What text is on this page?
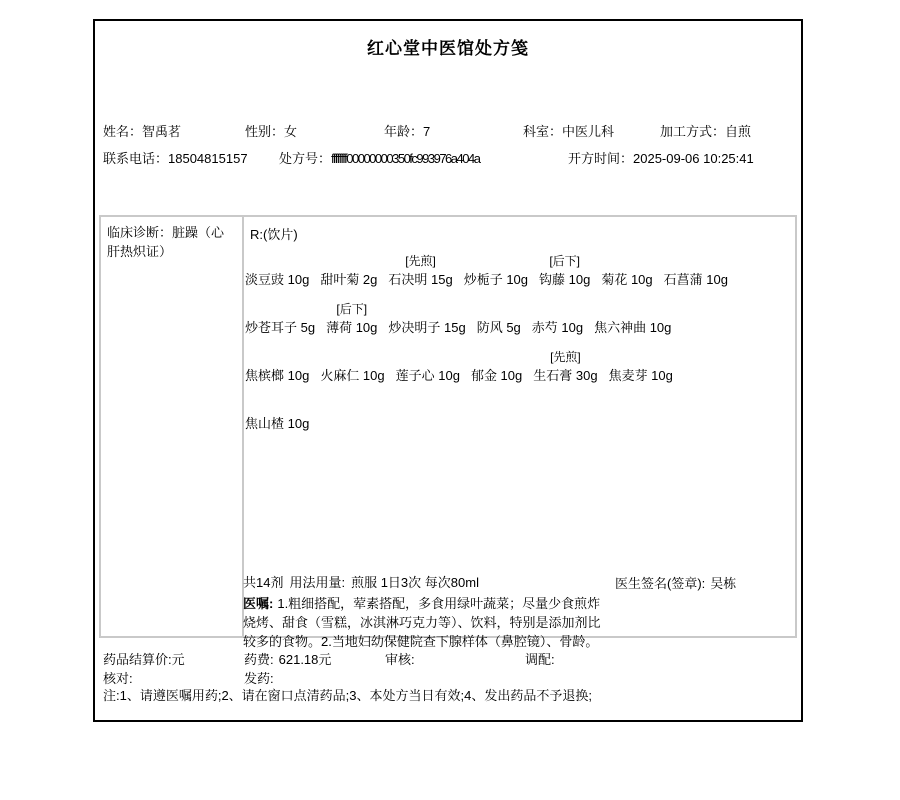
红心堂中医馆处方笺
姓名：智禹茗	性别：女	年龄：7	科室：中医儿科	加工方式：自煎
联系电话：18504815157 处方号：ffffffff00000000350fc993976a404a	开方时间：2025-09-06 10:25:41
临床诊断：脏躁（心肝热炽证）
R:(饮片)
淡豆豉 10g 甜叶菊 2g
[先煎]
石决明 15g 炒栀子 10g
[后下]
钩藤 10g 菊花 10g 石菖蒲 10g
炒苍耳子 5g
[后下]
薄荷 10g 炒决明子 15g 防风 5g 赤芍 10g 焦六神曲 10g
焦槟榔 10g 火麻仁 10g 莲子心 10g 郁金 10g
[先煎]
生石膏 30g 焦麦芽 10g
焦山楂 10g
共14剂 用法用量: 煎服 1日3次 每次80ml	医生签名(签章): 吴栋
医嘱: 1.粗细搭配，荤素搭配，多食用绿叶蔬菜；尽量少食煎炸烧烤、甜食（雪糕，冰淇淋巧克力等）、饮料，特别是添加剂比较多的食物。2.当地妇幼保健院查下腺样体（鼻腔镜）、骨龄。
药品结算价:元	药费: 621.18元	审核:	调配:
核对:	发药:
注:1、请遵医嘱用药;2、请在窗口点清药品;3、本处方当日有效;4、发出药品不予退换;
